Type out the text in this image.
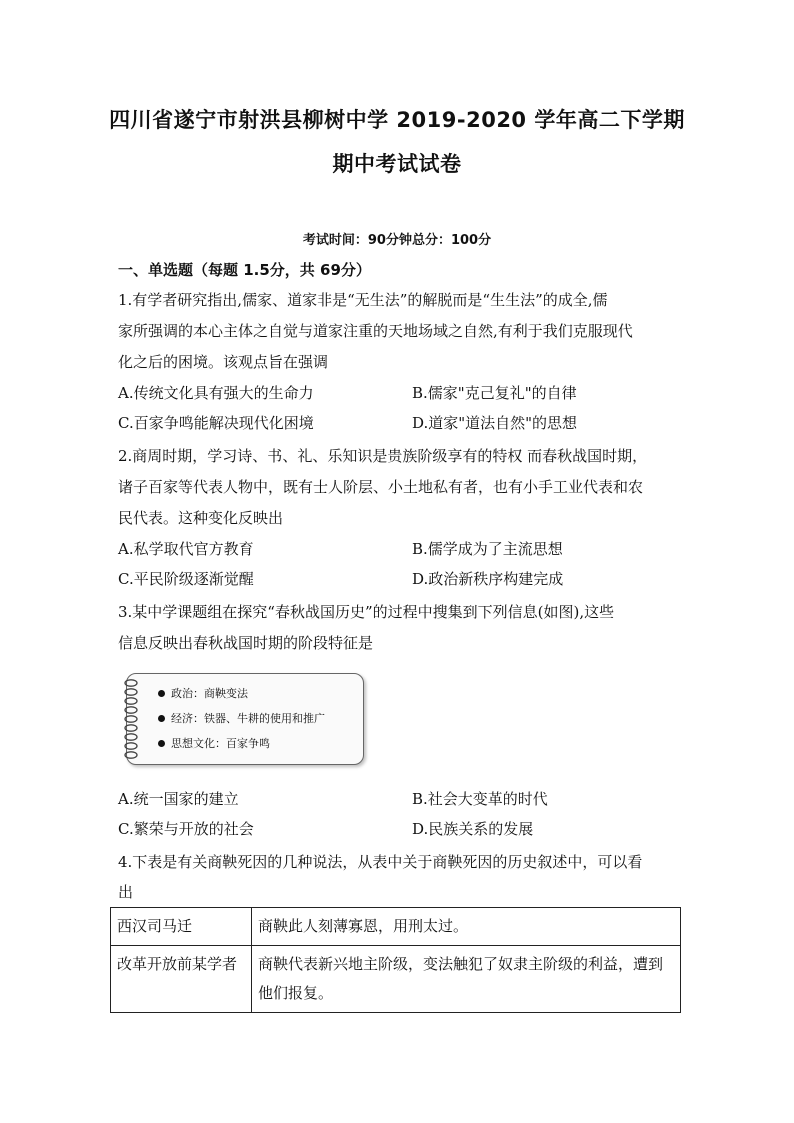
四川省遂宁市射洪县柳树中学 2019-2020 学年高二下学期
期中考试试卷
考试时间：90分钟总分：100分
一、单选题（每题 1.5分，共 69分）
1.有学者研究指出,儒家、道家非是“无生法”的解脱而是“生生法”的成全,儒
家所强调的本心主体之自觉与道家注重的天地场域之自然,有利于我们克服现代
化之后的困境。该观点旨在强调
A.传统文化具有强大的生命力	B.儒家"克己复礼"的自律
C.百家争鸣能解决现代化困境	D.道家"道法自然"的思想
2.商周时期，学习诗、书、礼、乐知识是贵族阶级享有的特权 而春秋战国时期，
诸子百家等代表人物中，既有士人阶层、小土地私有者，也有小手工业代表和农
民代表。这种变化反映出
A.私学取代官方教育	B.儒学成为了主流思想
C.平民阶级逐渐觉醒	D.政治新秩序构建完成
3.某中学课题组在探究“春秋战国历史”的过程中搜集到下列信息(如图),这些
信息反映出春秋战国时期的阶段特征是
政治：商鞅变法
经济：铁器、牛耕的使用和推广
思想文化：百家争鸣
A.统一国家的建立	B.社会大变革的时代
C.繁荣与开放的社会	D.民族关系的发展
4.下表是有关商鞅死因的几种说法，从表中关于商鞅死因的历史叙述中，可以看
出
西汉司马迁	商鞅此人刻薄寡恩，用刑太过。
改革开放前某学者	商鞅代表新兴地主阶级，变法触犯了奴隶主阶级的利益，遭到他们报复。
